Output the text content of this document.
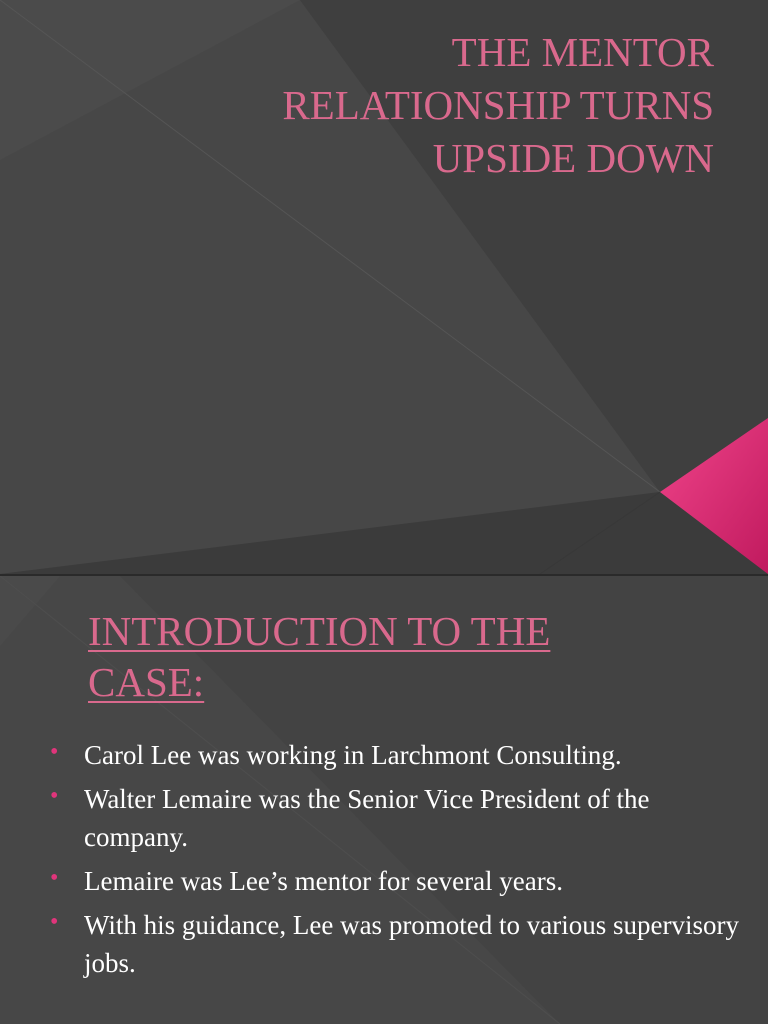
THE MENTOR
RELATIONSHIP TURNS
UPSIDE DOWN
INTRODUCTION TO THE
CASE:
• Carol Lee was working in Larchmont Consulting.
• Walter Lemaire was the Senior Vice President of the company.
• Lemaire was Lee’s mentor for several years.
• With his guidance, Lee was promoted to various supervisory jobs.
